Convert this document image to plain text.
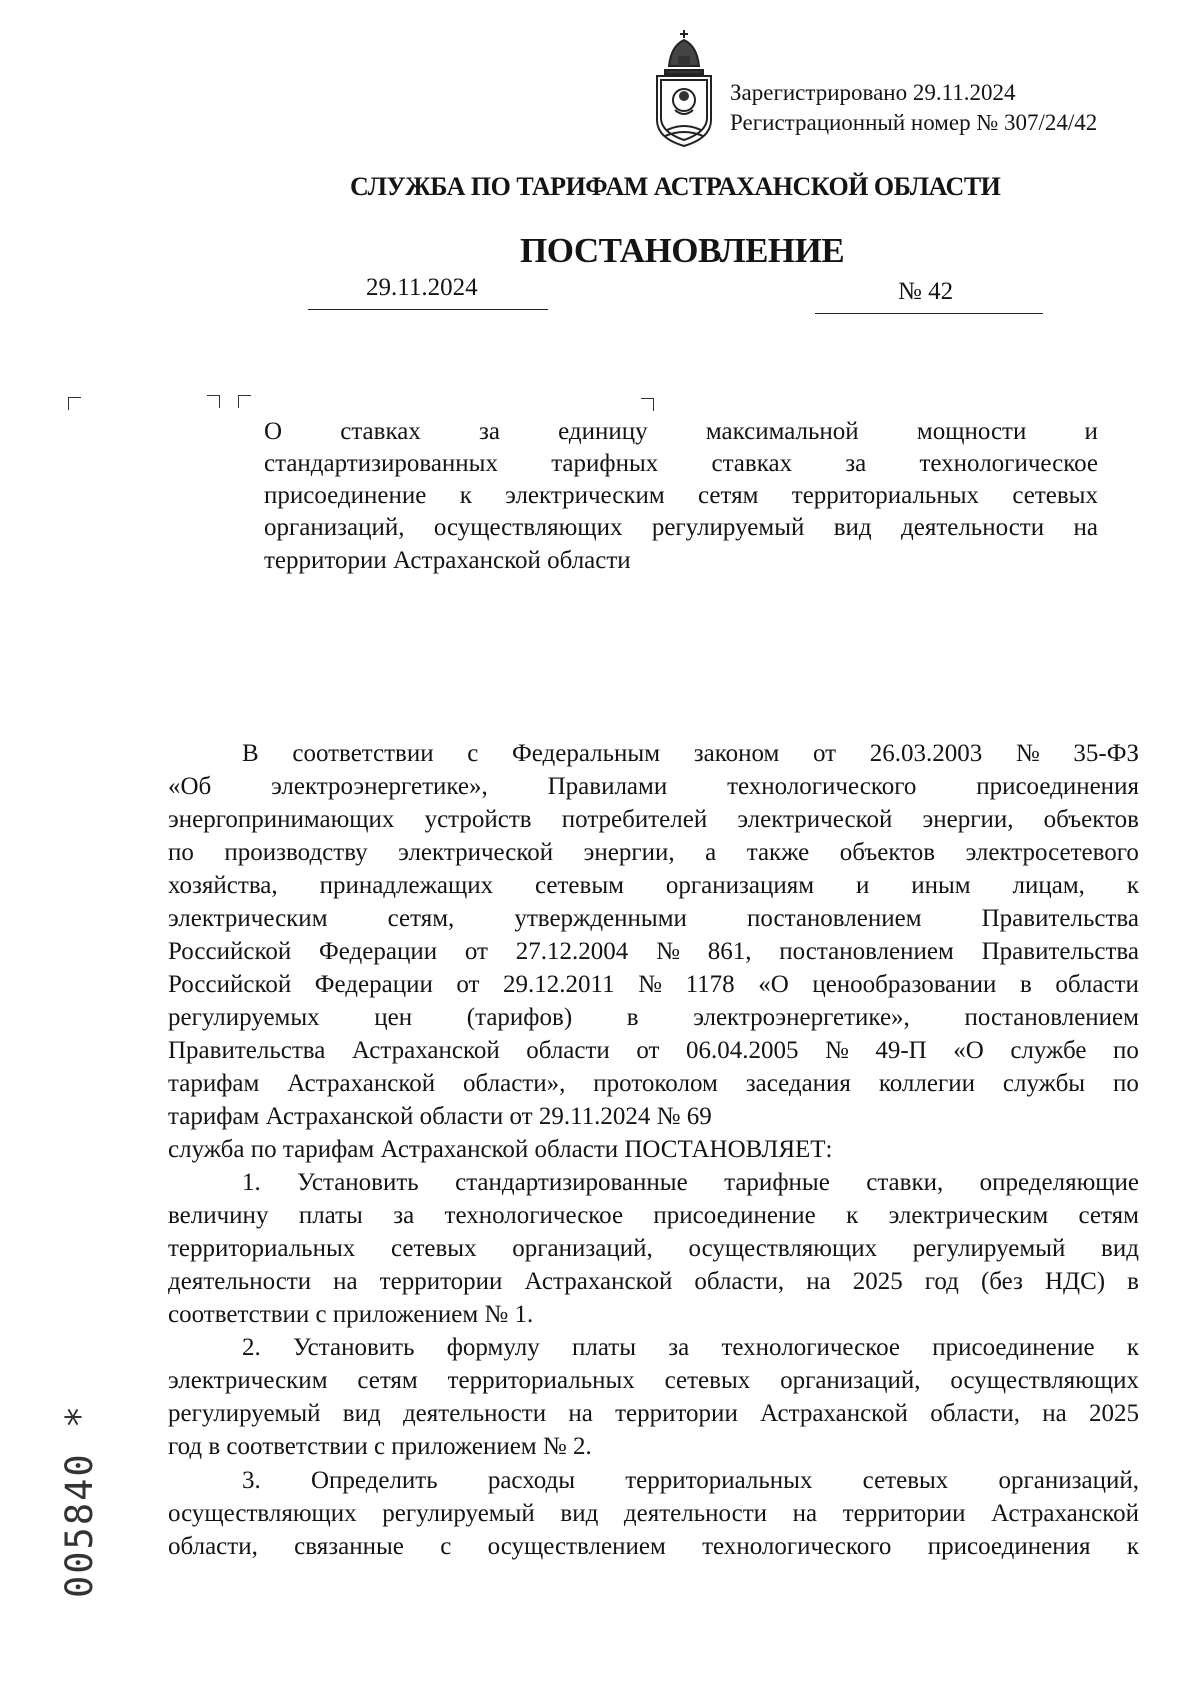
Зарегистрировано 29.11.2024
Регистрационный номер № 307/24/42
СЛУЖБА ПО ТАРИФАМ АСТРАХАНСКОЙ ОБЛАСТИ
ПОСТАНОВЛЕНИЕ
29.11.2024	№ 42
О ставках за единицу максимальной мощности и
стандартизированных тарифных ставках за технологическое
присоединение к электрическим сетям территориальных сетевых
организаций, осуществляющих регулируемый вид деятельности на
территории Астраханской области
В соответствии с Федеральным законом от 26.03.2003 № 35-ФЗ
«Об электроэнергетике», Правилами технологического присоединения
энергопринимающих устройств потребителей электрической энергии, объектов
по производству электрической энергии, а также объектов электросетевого
хозяйства, принадлежащих сетевым организациям и иным лицам, к
электрическим сетям, утвержденными постановлением Правительства
Российской Федерации от 27.12.2004 № 861, постановлением Правительства
Российской Федерации от 29.12.2011 № 1178 «О ценообразовании в области
регулируемых цен (тарифов) в электроэнергетике», постановлением
Правительства Астраханской области от 06.04.2005 № 49-П «О службе по
тарифам Астраханской области», протоколом заседания коллегии службы по
тарифам Астраханской области от 29.11.2024 № 69
служба по тарифам Астраханской области ПОСТАНОВЛЯЕТ:
1. Установить стандартизированные тарифные ставки, определяющие
величину платы за технологическое присоединение к электрическим сетям
территориальных сетевых организаций, осуществляющих регулируемый вид
деятельности на территории Астраханской области, на 2025 год (без НДС) в
соответствии с приложением № 1.
2. Установить формулу платы за технологическое присоединение к
электрическим сетям территориальных сетевых организаций, осуществляющих
регулируемый вид деятельности на территории Астраханской области, на 2025
год в соответствии с приложением № 2.
3. Определить расходы территориальных сетевых организаций,
осуществляющих регулируемый вид деятельности на территории Астраханской
области, связанные с осуществлением технологического присоединения к
005840 *
